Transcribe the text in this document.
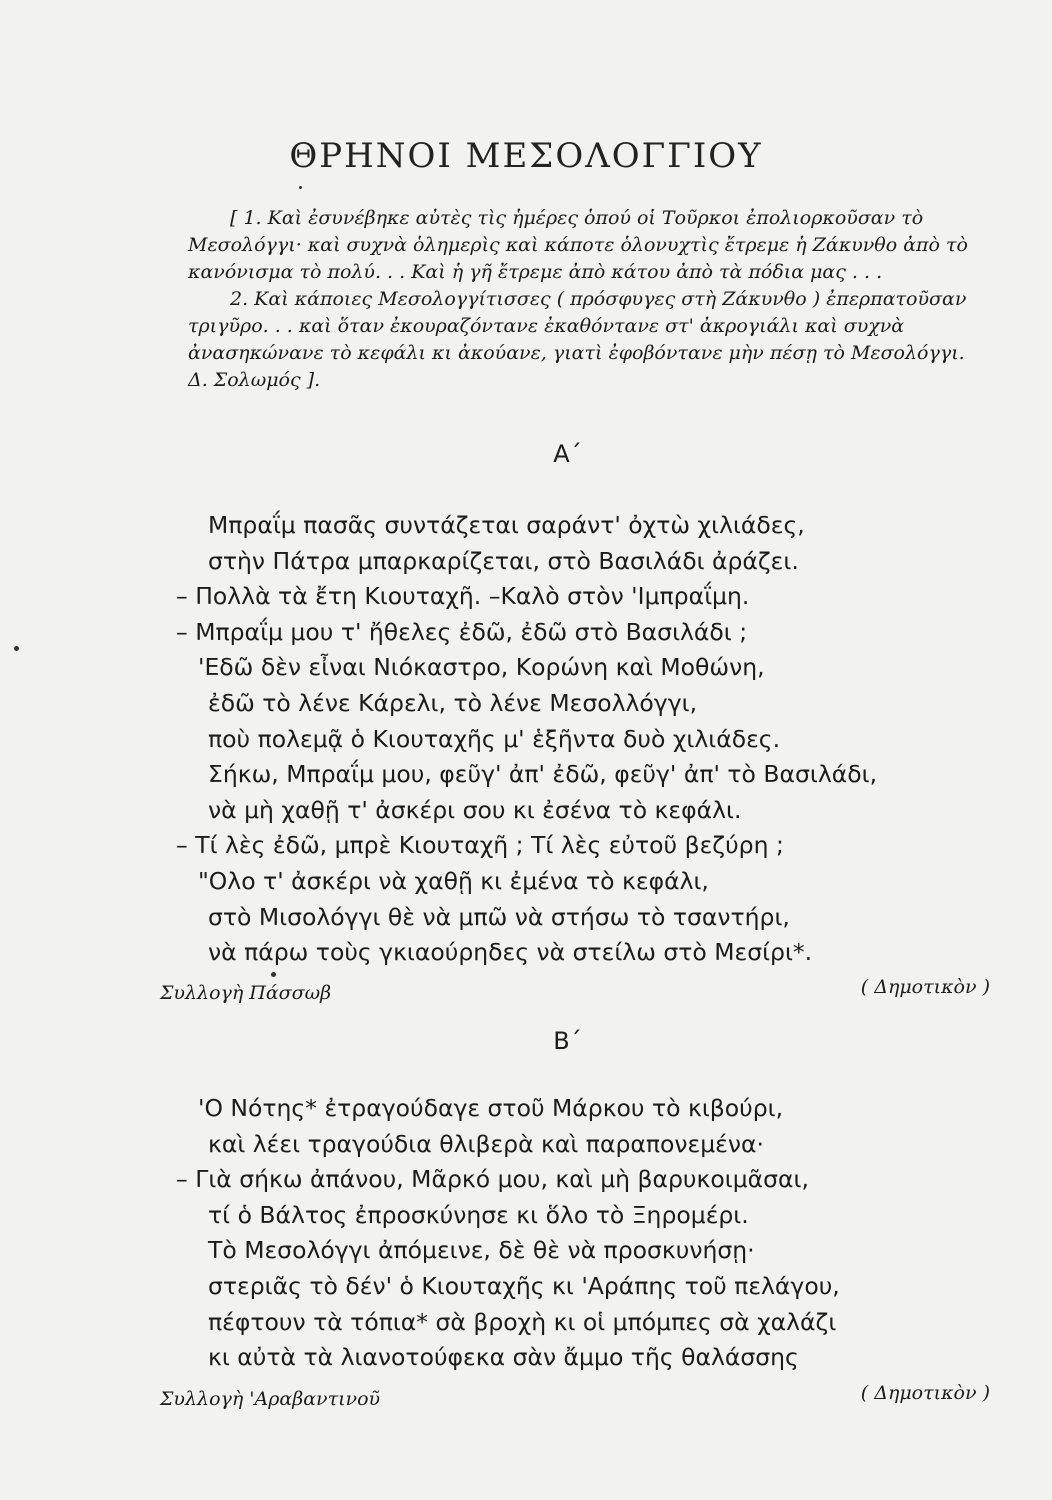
ΘΡΗΝΟΙ ΜΕΣΟΛΟΓΓΙΟΥ

[ 1. Καὶ ἐσυνέβηκε αὐτὲς τὶς ἡμέρες ὁπού οἱ Τοῦρκοι ἐπολιορκοῦσαν τὸ Μεσολόγγι· καὶ συχνὰ ὁλημερὶς καὶ κάποτε ὁλονυχτὶς ἔτρεμε ἡ Ζάκυνθο ἀπὸ τὸ κανόνισμα τὸ πολύ. . . Καὶ ἡ γῆ ἔτρεμε ἀπὸ κάτου ἀπὸ τὰ πόδια μας . . .

2. Καὶ κάποιες Μεσολογγίτισσες ( πρόσφυγες στὴ Ζάκυνθο ) ἐπερπατοῦσαν τριγῦρο. . . καὶ ὅταν ἐκουραζόντανε ἐκαθόντανε στ' ἀκρογιάλι καὶ συχνὰ ἀνασηκώνανε τὸ κεφάλι κι ἀκούανε, γιατὶ ἐφοβόντανε μὴν πέσῃ τὸ Μεσολόγγι. Δ. Σολωμός ].

Α΄
Μπραΐμ πασᾶς συντάζεται σαράντ' ὀχτὼ χιλιάδες,
στὴν Πάτρα μπαρκαρίζεται, στὸ Βασιλάδι ἀράζει.
– Πολλὰ τὰ ἔτη Κιουταχῆ. –Καλὸ στὸν 'Ιμπραΐμη.
– Μπραΐμ μου τ' ἤθελες ἐδῶ, ἐδῶ στὸ Βασιλάδι ;
'Εδῶ δὲν εἶναι Νιόκαστρο, Κορώνη καὶ Μοθώνη,
ἐδῶ τὸ λένε Κάρελι, τὸ λένε Μεσολλόγγι,
ποὺ πολεμᾷ ὁ Κιουταχῆς μ' ἑξῆντα δυὸ χιλιάδες.
Σήκω, Μπραΐμ μου, φεῦγ' ἀπ' ἐδῶ, φεῦγ' ἀπ' τὸ Βασιλάδι,
νὰ μὴ χαθῇ τ' ἀσκέρι σου κι ἐσένα τὸ κεφάλι.
– Τί λὲς ἐδῶ, μπρὲ Κιουταχῆ ; Τί λὲς εὐτοῦ βεζύρη ;
"Ολο τ' ἀσκέρι νὰ χαθῇ κι ἐμένα τὸ κεφάλι,
στὸ Μισολόγγι θὲ νὰ μπῶ νὰ στήσω τὸ τσαντήρι,
νὰ πάρω τοὺς γκιαούρηδες νὰ στείλω στὸ Μεσίρι*.
Συλλογὴ Πάσσωβ	( Δημοτικὸν )
Β΄
'Ο Νότης* ἐτραγούδαγε στοῦ Μάρκου τὸ κιβούρι,
καὶ λέει τραγούδια θλιβερὰ καὶ παραπονεμένα·
– Γιὰ σήκω ἀπάνου, Μᾶρκό μου, καὶ μὴ βαρυκοιμᾶσαι,
τί ὁ Βάλτος ἐπροσκύνησε κι ὅλο τὸ Ξηρομέρι.
Τὸ Μεσολόγγι ἀπόμεινε, δὲ θὲ νὰ προσκυνήσῃ·
στεριᾶς τὸ δέν' ὁ Κιουταχῆς κι 'Αράπης τοῦ πελάγου,
πέφτουν τὰ τόπια* σὰ βροχὴ κι οἱ μπόμπες σὰ χαλάζι
κι αὐτὰ τὰ λιανοτούφεκα σὰν ἄμμο τῆς θαλάσσης
Συλλογὴ 'Αραβαντινοῦ	( Δημοτικὸν )
